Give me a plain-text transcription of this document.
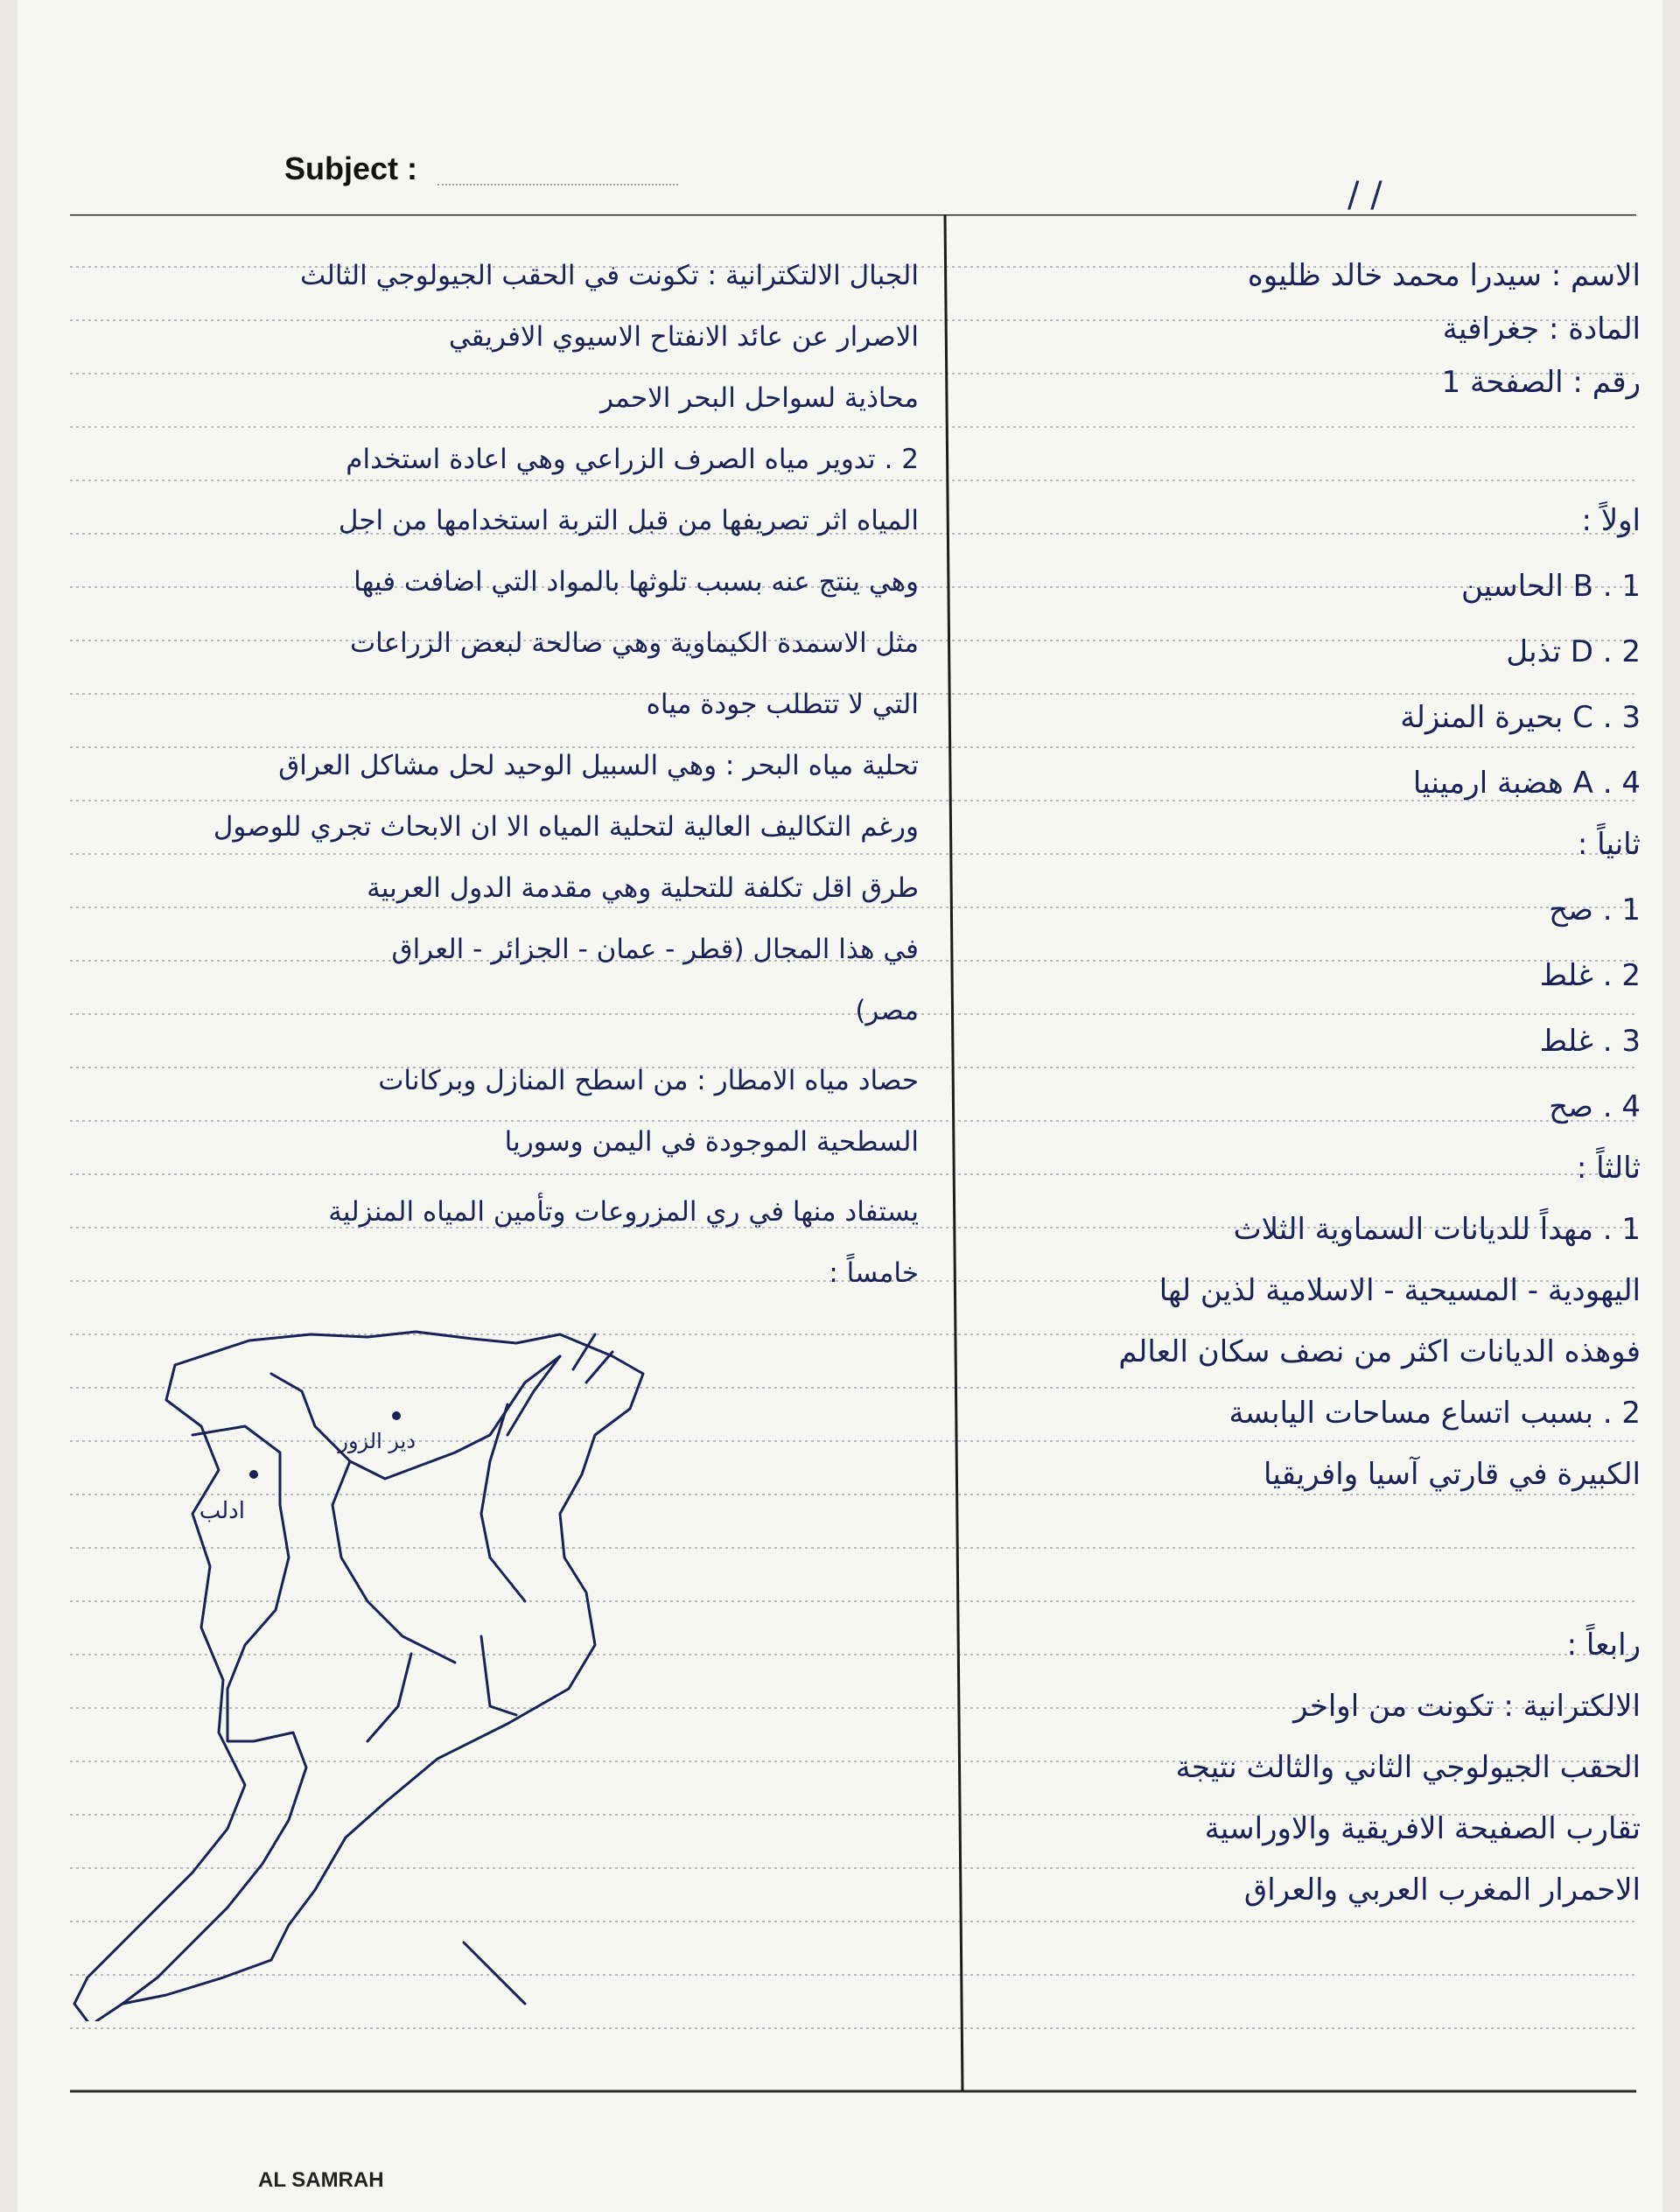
Subject :
/ /
الاسم : سيدرا محمد خالد ظليوه
المادة : جغرافية
رقم : الصفحة 1
اولاً :
1 . B الحاسين
2 . D تذبل
3 . C بحيرة المنزلة
4 . A هضبة ارمينيا
ثانياً :
1 . صح
2 . غلط
3 . غلط
4 . صح
ثالثاً :
1 . مهداً للديانات السماوية الثلاث
اليهودية - المسيحية - الاسلامية لذين لها
فوهذه الديانات اكثر من نصف سكان العالم
2 . بسبب اتساع مساحات اليابسة
الكبيرة في قارتي آسيا وافريقيا
رابعاً :
الالكترانية : تكونت من اواخر
الحقب الجيولوجي الثاني والثالث نتيجة
تقارب الصفيحة الافريقية والاوراسية
الاحمرار المغرب العربي والعراق
الجبال الالتكترانية : تكونت في الحقب الجيولوجي الثالث
الاصرار عن عائد الانفتاح الاسيوي الافريقي
محاذية لسواحل البحر الاحمر
2 . تدوير مياه الصرف الزراعي وهي اعادة استخدام
المياه اثر تصريفها من قبل التربة استخدامها من اجل
وهي ينتج عنه بسبب تلوثها بالمواد التي اضافت فيها
مثل الاسمدة الكيماوية وهي صالحة لبعض الزراعات
التي لا تتطلب جودة مياه
تحلية مياه البحر : وهي السبيل الوحيد لحل مشاكل العراق
ورغم التكاليف العالية لتحلية المياه الا ان الابحاث تجري للوصول
طرق اقل تكلفة للتحلية وهي مقدمة الدول العربية
في هذا المجال (قطر - عمان - الجزائر - العراق
مصر)
حصاد مياه الامطار : من اسطح المنازل وبركانات
السطحية الموجودة في اليمن وسوريا
يستفاد منها في ري المزروعات وتأمين المياه المنزلية
خامساً :
ادلب
دير الزور
AL SAMRAH
